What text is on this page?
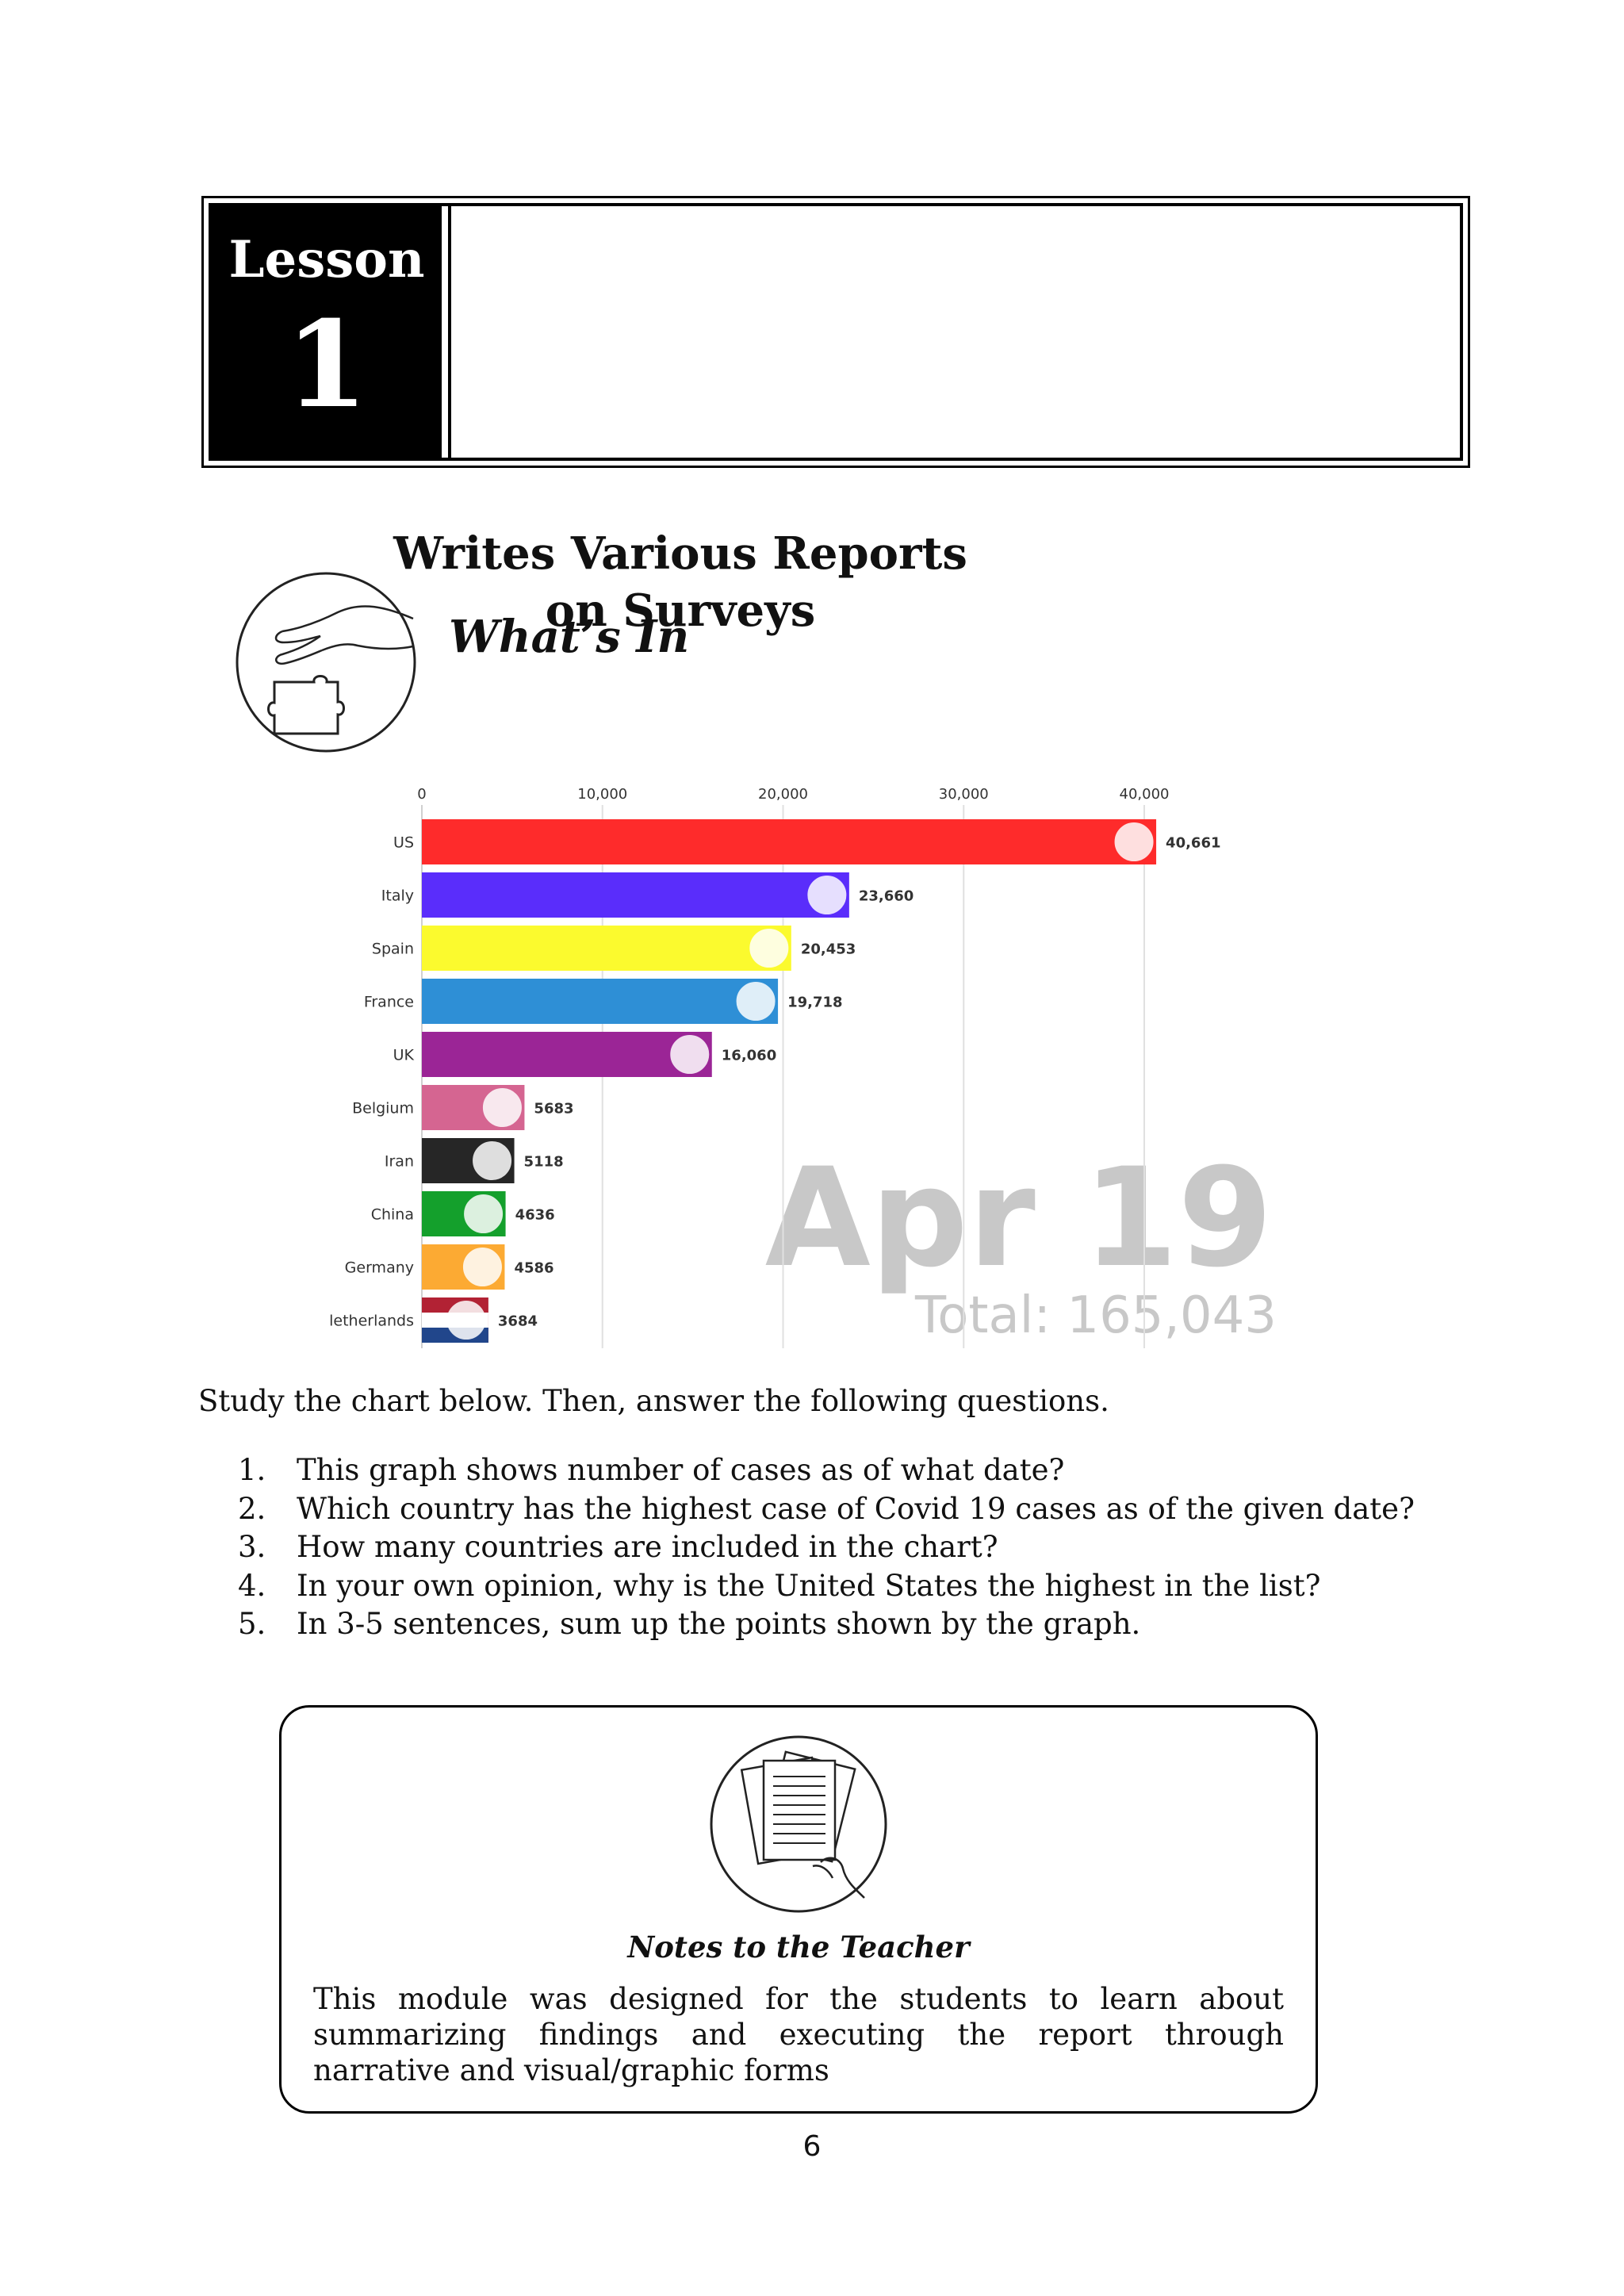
Lesson
1
Writes Various Reports
on Surveys
What’s In
Apr 19
Total: 165,043
0	10,000	20,000	30,000	40,000
US	40,661
Italy	23,660
Spain	20,453
France	19,718
UK	16,060
Belgium	5683
Iran	5118
China	4636
Germany	4586
letherlands	3684
Study the chart below. Then, answer the following questions.
1.	This graph shows number of cases as of what date?
2.	Which country has the highest case of Covid 19 cases as of the given date?
3.	How many countries are included in the chart?
4.	In your own opinion, why is the United States the highest in the list?
5.	In 3-5 sentences, sum up the points shown by the graph.
Notes to the Teacher
This module was designed for the students to learn about summarizing findings and executing the report through narrative and visual/graphic forms
6
